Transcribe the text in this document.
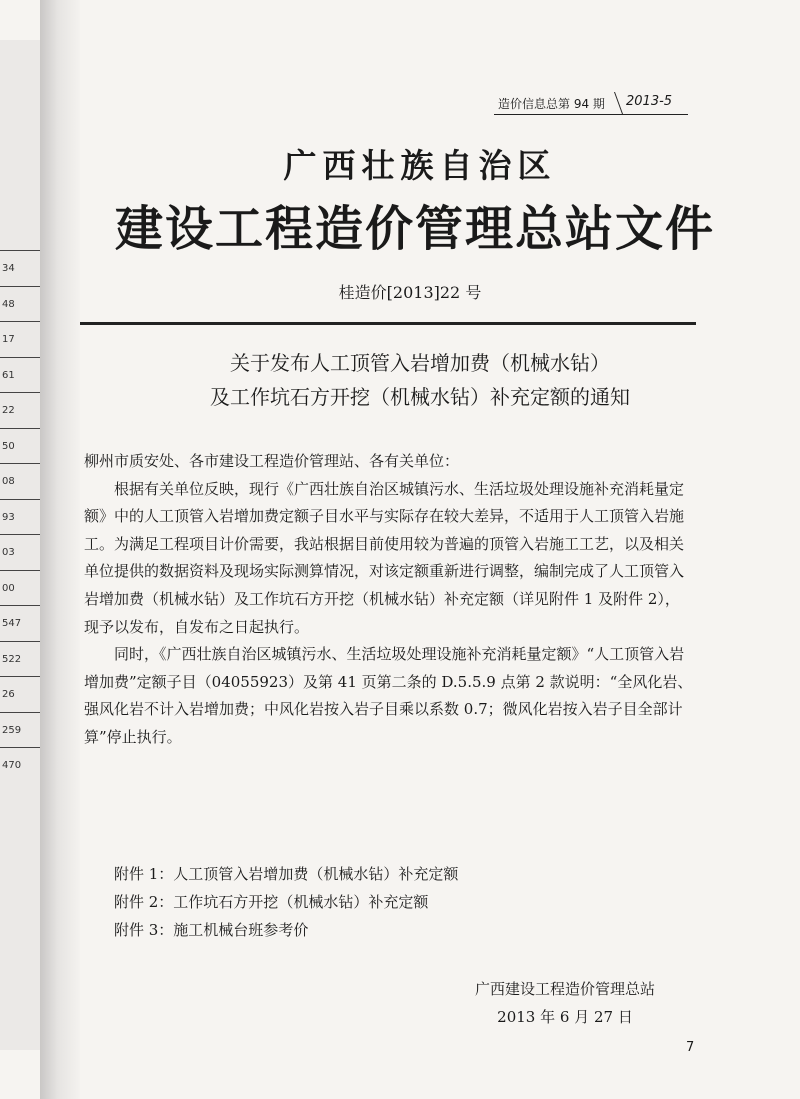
34
48
17
61
22
50
08
93
03
00
547
522
26
259
470
造价信息总第 94 期 2013-5
广西壮族自治区
建设工程造价管理总站文件
桂造价[2013]22 号
关于发布人工顶管入岩增加费（机械水钻）
及工作坑石方开挖（机械水钻）补充定额的通知

柳州市质安处、各市建设工程造价管理站、各有关单位：

根据有关单位反映，现行《广西壮族自治区城镇污水、生活垃圾处理设施补充消耗量定额》中的人工顶管入岩增加费定额子目水平与实际存在较大差异，不适用于人工顶管入岩施工。为满足工程项目计价需要，我站根据目前使用较为普遍的顶管入岩施工工艺，以及相关单位提供的数据资料及现场实际测算情况，对该定额重新进行调整，编制完成了人工顶管入岩增加费（机械水钻）及工作坑石方开挖（机械水钻）补充定额（详见附件 1 及附件 2），现予以发布，自发布之日起执行。

同时，《广西壮族自治区城镇污水、生活垃圾处理设施补充消耗量定额》“人工顶管入岩增加费”定额子目（04055923）及第 41 页第二条的 D.5.5.9 点第 2 款说明：“全风化岩、强风化岩不计入岩增加费；中风化岩按入岩子目乘以系数 0.7；微风化岩按入岩子目全部计算”停止执行。

附件 1：人工顶管入岩增加费（机械水钻）补充定额
附件 2：工作坑石方开挖（机械水钻）补充定额
附件 3：施工机械台班参考价
广西建设工程造价管理总站
2013 年 6 月 27 日
7
